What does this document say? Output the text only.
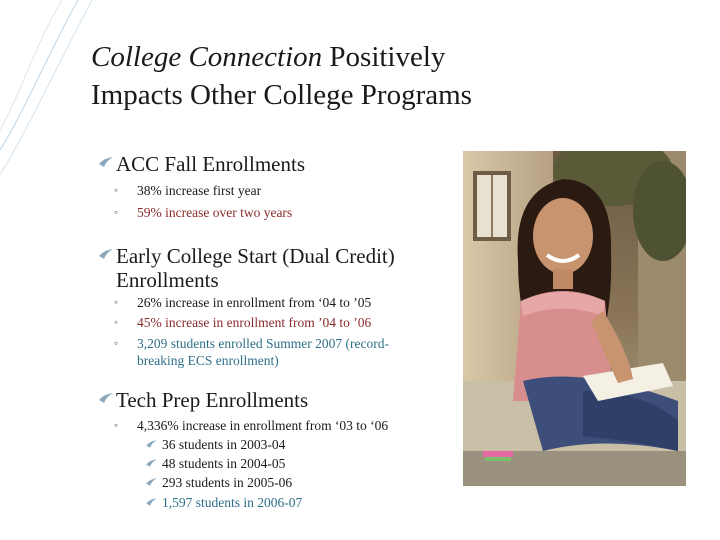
College Connection Positively
Impacts Other College Programs
ACC Fall Enrollments
◦ 38% increase first year
◦ 59% increase over two years
Early College Start (Dual Credit)
Enrollments
◦ 26% increase in enrollment from ‘04 to ’05
◦ 45% increase in enrollment from ’04 to ’06
◦ 3,209 students enrolled Summer 2007 (record-
breaking ECS enrollment)
Tech Prep Enrollments
◦ 4,336% increase in enrollment from ‘03 to ‘06
36 students in 2003-04
48 students in 2004-05
293 students in 2005-06
1,597 students in 2006-07
